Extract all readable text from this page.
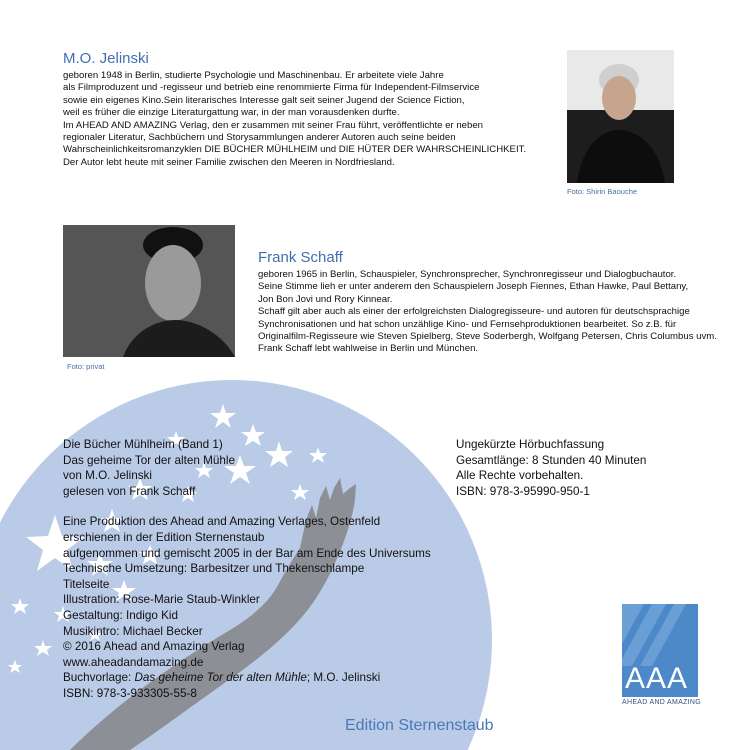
M.O. Jelinski
geboren 1948 in Berlin, studierte Psychologie und Maschinenbau. Er arbeitete viele Jahre
als Filmproduzent und -regisseur und betrieb eine renommierte Firma für Independent-Filmservice
sowie ein eigenes Kino.Sein literarisches Interesse galt seit seiner Jugend der Science Fiction,
weil es früher die einzige Literaturgattung war, in der man vorausdenken durfte.
Im AHEAD AND AMAZING Verlag, den er zusammen mit seiner Frau führt, veröffentlichte er neben
regionaler Literatur, Sachbüchern und Storysammlungen anderer Autoren auch seine beiden
Wahrscheinlichkeitsromanzyklen DIE BÜCHER MÜHLHEIM und DIE HÜTER DER WAHRSCHEINLICHKEIT.
Der Autor lebt heute mit seiner Familie zwischen den Meeren in Nordfriesland.
Foto: Shirin Baouche
Foto: privat
Frank Schaff
geboren 1965 in Berlin, Schauspieler, Synchronsprecher, Synchronregisseur und Dialogbuchautor.
Seine Stimme lieh er unter anderem den Schauspielern Joseph Fiennes, Ethan Hawke, Paul Bettany,
Jon Bon Jovi und Rory Kinnear.
Schaff gilt aber auch als einer der erfolgreichsten Dialogregisseure- und autoren für deutschsprachige
Synchronisationen und hat schon unzählige Kino- und Fernsehproduktionen bearbeitet. So z.B. für
Originalfilm-Regisseure wie Steven Spielberg, Steve Soderbergh, Wolfgang Petersen, Chris Columbus uvm.
Frank Schaff lebt wahlweise in Berlin und München.
Die Bücher Mühlheim (Band 1)
Das geheime Tor der alten Mühle
von M.O. Jelinski
gelesen von Frank Schaff
Eine Produktion des Ahead and Amazing Verlages, Ostenfeld
erschienen in der Edition Sternenstaub
aufgenommen und gemischt 2005 in der Bar am Ende des Universums
Technische Umsetzung: Barbesitzer und Thekenschlampe
Titelseite
Illustration: Rose-Marie Staub-Winkler
Gestaltung: Indigo Kid
Musikintro: Michael Becker
© 2016 Ahead and Amazing Verlag
www.aheadandamazing.de
Buchvorlage: Das geheime Tor der alten Mühle; M.O. Jelinski
ISBN: 978-3-933305-55-8
Ungekürzte Hörbuchfassung
Gesamtlänge: 8 Stunden 40 Minuten
Alle Rechte vorbehalten.
ISBN: 978-3-95990-950-1
AAA
AHEAD AND AMAZING
Edition Sternenstaub
